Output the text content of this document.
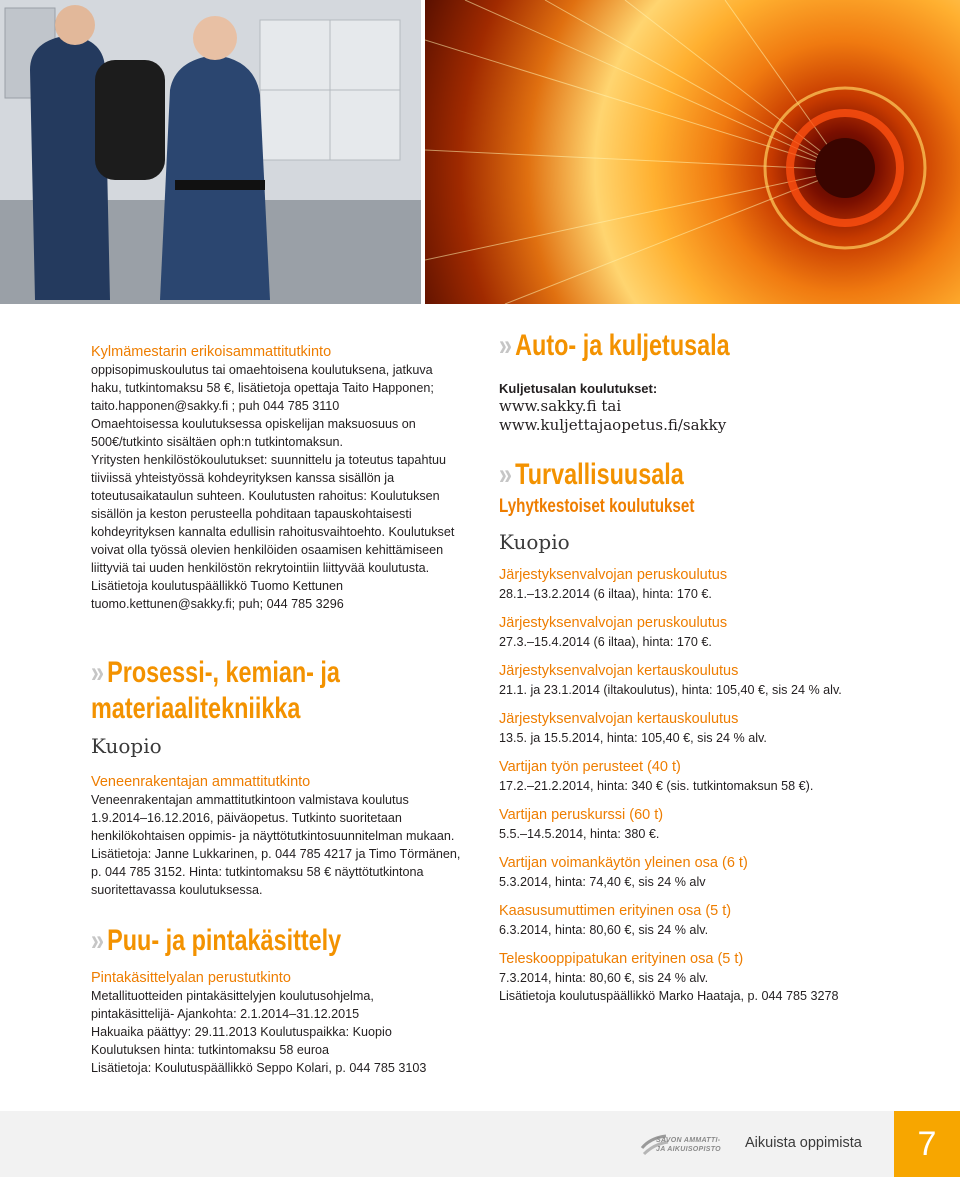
Kylmämestarin erikoisammattitutkinto
oppisopimuskoulutus tai omaehtoisena koulutuksena, jatkuva haku, tutkintomaksu 58 €, lisätietoja opettaja Taito Happonen; taito.happonen@sakky.fi ; puh 044 785 3110
Omaehtoisessa koulutuksessa opiskelijan maksuosuus on 500€/tutkinto sisältäen oph:n tutkintomaksun.
Yritysten henkilöstökoulutukset: suunnittelu ja toteutus tapahtuu tiiviissä yhteistyössä kohdeyrityksen kanssa sisällön ja toteutusaikataulun suhteen. Koulutusten rahoitus: Koulutuksen sisällön ja keston perusteella pohditaan tapauskohtaisesti kohdeyrityksen kannalta edullisin rahoitusvaihtoehto. Koulutukset voivat olla työssä olevien henkilöiden osaamisen kehittämiseen liittyviä tai uuden henkilöstön rekrytointiin liittyvää koulutusta. Lisätietoja koulutuspäällikkö Tuomo Kettunen tuomo.kettunen@sakky.fi; puh; 044 785 3296
» Prosessi-, kemian- ja
materiaalitekniikka
Kuopio
Veneenrakentajan ammattitutkinto
Veneenrakentajan ammattitutkintoon valmistava koulutus 1.9.2014–16.12.2016, päiväopetus. Tutkinto suoritetaan henkilökohtaisen oppimis- ja näyttötutkintosuunnitelman mukaan. Lisätietoja: Janne Lukkarinen, p. 044 785 4217 ja Timo Törmänen, p. 044 785 3152. Hinta: tutkintomaksu 58 € näyttötutkintona suoritettavassa koulutuksessa.
» Puu- ja pintakäsittely
Pintakäsittelyalan perustutkinto
Metallituotteiden pintakäsittelyjen koulutusohjelma,
pintakäsittelijä- Ajankohta: 2.1.2014–31.12.2015
Hakuaika päättyy: 29.11.2013 Koulutuspaikka: Kuopio
Koulutuksen hinta: tutkintomaksu 58 euroa
Lisätietoja: Koulutuspäällikkö Seppo Kolari, p. 044 785 3103
» Auto- ja kuljetusala
Kuljetusalan koulutukset:
www.sakky.fi tai
www.kuljettajaopetus.fi/sakky
» Turvallisuusala
Lyhytkestoiset koulutukset
Kuopio
Järjestyksenvalvojan peruskoulutus
28.1.–13.2.2014 (6 iltaa), hinta: 170 €.
Järjestyksenvalvojan peruskoulutus
27.3.–15.4.2014 (6 iltaa), hinta: 170 €.
Järjestyksenvalvojan kertauskoulutus
21.1. ja 23.1.2014 (iltakoulutus), hinta: 105,40 €, sis 24 % alv.
Järjestyksenvalvojan kertauskoulutus
13.5. ja 15.5.2014, hinta: 105,40 €, sis 24 % alv.
Vartijan työn perusteet (40 t)
17.2.–21.2.2014, hinta: 340 € (sis. tutkintomaksun 58 €).
Vartijan peruskurssi (60 t)
5.5.–14.5.2014, hinta: 380 €.
Vartijan voimankäytön yleinen osa (6 t)
5.3.2014, hinta: 74,40 €, sis 24 % alv
Kaasusumuttimen erityinen osa (5 t)
6.3.2014, hinta: 80,60 €, sis 24 % alv.
Teleskooppipatukan erityinen osa (5 t)
7.3.2014, hinta: 80,60 €, sis 24 % alv.
Lisätietoja koulutuspäällikkö Marko Haataja, p. 044 785 3278
SAVON AMMATTI-
JA AIKUISOPISTO Aikuista oppimista	7
